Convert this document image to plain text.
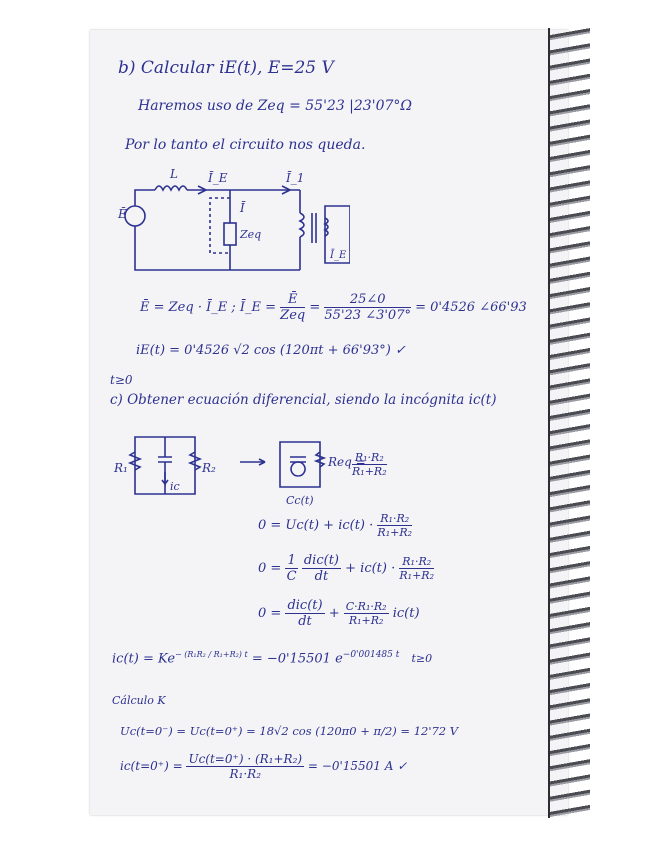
b) Calcular iE(t), E=25 V
Haremos uso de Zeq = 55'23 |23'07°Ω
Por lo tanto el circuito nos queda.
Ē
L	Ī_E	Ī_1
Ī
Zeq
Ī_E
Ē = Zeq · Ī_E ; Ī_E = $\frac{Ē}{\text{Zeq}} = \frac{25\angle 0}{55'23 \angle 3'07^\circ} = 0'4526$ ∠66'93
iE(t) = 0'4526 √2 cos (120πt + 66'93°) ✓
t≥0
c) Obtener ecuación diferencial, siendo la incógnita ic(t)
R₁	R₂
ic
Req =
Cc(t)
$\frac{\text{R₁·R₂}}{\text{R₁+R₂}}$
$0 = Uc(t) + ic(t) \cdot \frac{\text{R₁·R₂}}{\text{R₁+R₂}}$
$0 = \frac{1}{C}$
$\frac{\text{dic(t)}}{dt} + ic(t) \cdot \frac{\text{R₁·R₂}}{\text{R₁+R₂}}$
$0 = \frac{\text{dic(t)}}{dt} + \frac{\text{C·R₁·R₂}}{\text{R₁+R₂}} ic(t)$
$ic(t) = Ke^{- (R_1R_2 / R_1+R_2) t} = -0'15501$ $e^{-0'001485 t}$ t≥0
Cálculo K
Uc(t=0⁻) = Uc(t=0⁺) = 18√2 cos (120π0 + π/2) = 12'72 V
$ic(t=0^+) = \frac{\text{Uc(t=0⁺) · (R₁+R₂)}}{\text{R₁·R₂}} = -0'15501$ A ✓
